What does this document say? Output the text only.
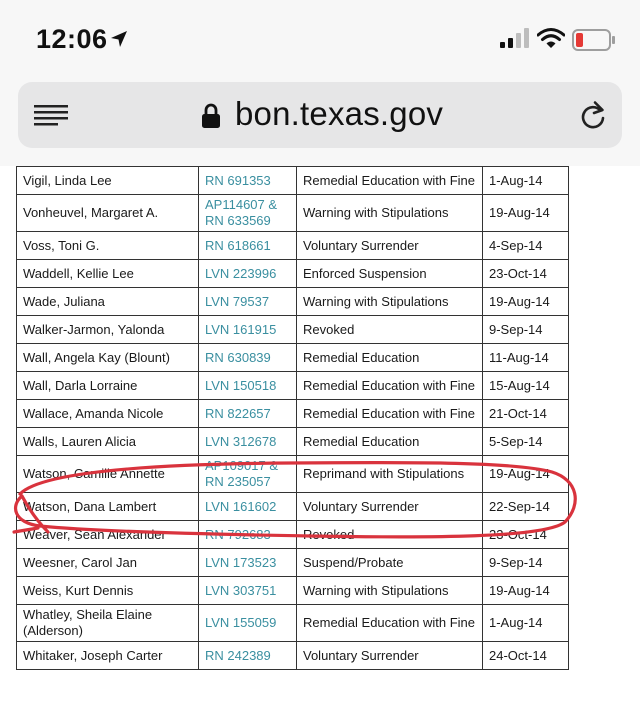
12:06
bon.texas.gov

Vigil, Linda Lee	RN 691353	Remedial Education with Fine	1-Aug-14
Vonheuvel, Margaret A.	AP114607 & RN 633569	Warning with Stipulations	19-Aug-14
Voss, Toni G.	RN 618661	Voluntary Surrender	4-Sep-14
Waddell, Kellie Lee	LVN 223996	Enforced Suspension	23-Oct-14
Wade, Juliana	LVN 79537	Warning with Stipulations	19-Aug-14
Walker-Jarmon, Yalonda	LVN 161915	Revoked	9-Sep-14
Wall, Angela Kay (Blount)	RN 630839	Remedial Education	11-Aug-14
Wall, Darla Lorraine	LVN 150518	Remedial Education with Fine	15-Aug-14
Wallace, Amanda Nicole	RN 822657	Remedial Education with Fine	21-Oct-14
Walls, Lauren Alicia	LVN 312678	Remedial Education	5-Sep-14
Watson, Camille Annette	AP109017 & RN 235057	Reprimand with Stipulations	19-Aug-14
Watson, Dana Lambert	LVN 161602	Voluntary Surrender	22-Sep-14
Weaver, Sean Alexander	RN 792683	Revoked	23-Oct-14
Weesner, Carol Jan	LVN 173523	Suspend/Probate	9-Sep-14
Weiss, Kurt Dennis	LVN 303751	Warning with Stipulations	19-Aug-14
Whatley, Sheila Elaine (Alderson)	LVN 155059	Remedial Education with Fine	1-Aug-14
Whitaker, Joseph Carter	RN 242389	Voluntary Surrender	24-Oct-14
